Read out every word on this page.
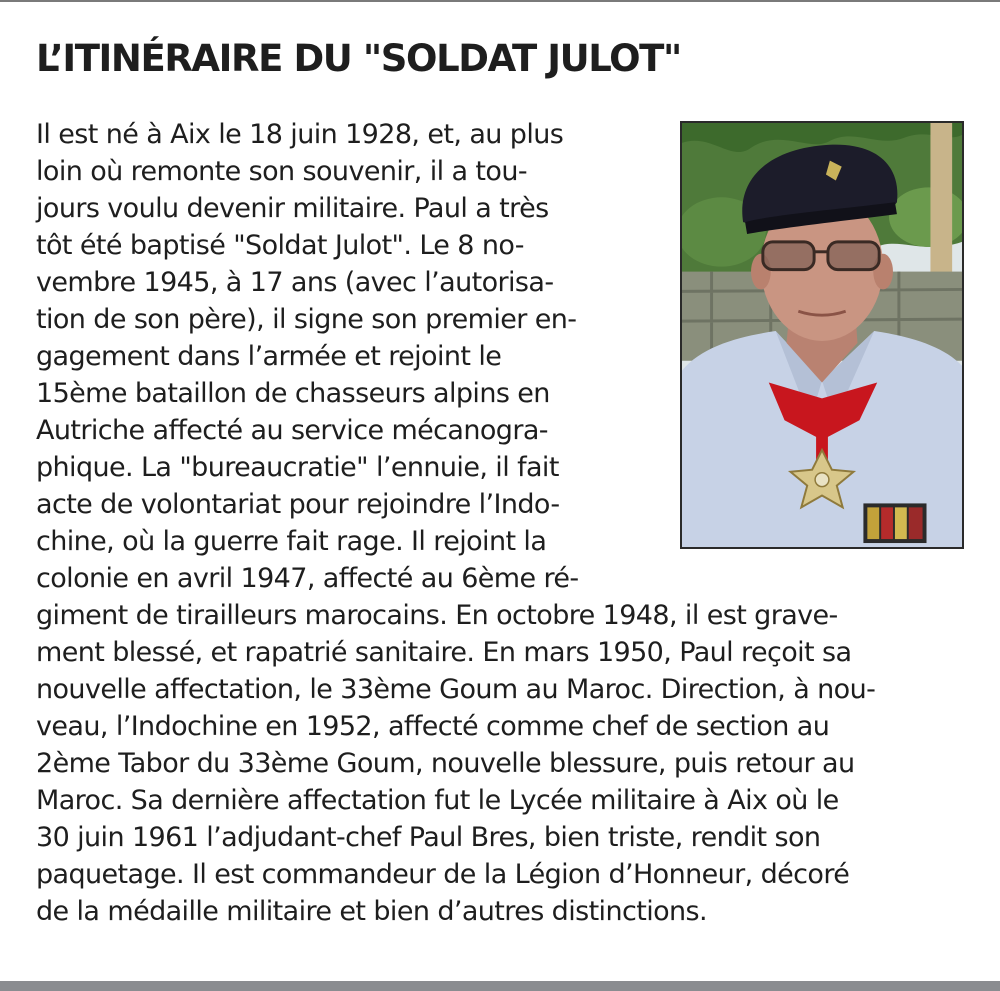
L’ITINÉRAIRE DU "SOLDAT JULOT"
Il est né à Aix le 18 juin 1928, et, au plus
loin où remonte son souvenir, il a tou-
jours voulu devenir militaire. Paul a très
tôt été baptisé "Soldat Julot". Le 8 no-
vembre 1945, à 17 ans (avec l’autorisa-
tion de son père), il signe son premier en-
gagement dans l’armée et rejoint le
15ème bataillon de chasseurs alpins en
Autriche affecté au service mécanogra-
phique. La "bureaucratie" l’ennuie, il fait
acte de volontariat pour rejoindre l’Indo-
chine, où la guerre fait rage. Il rejoint la
colonie en avril 1947, affecté au 6ème ré-
giment de tirailleurs marocains. En octobre 1948, il est grave-
ment blessé, et rapatrié sanitaire. En mars 1950, Paul reçoit sa
nouvelle affectation, le 33ème Goum au Maroc. Direction, à nou-
veau, l’Indochine en 1952, affecté comme chef de section au
2ème Tabor du 33ème Goum, nouvelle blessure, puis retour au
Maroc. Sa dernière affectation fut le Lycée militaire à Aix où le
30 juin 1961 l’adjudant-chef Paul Bres, bien triste, rendit son
paquetage. Il est commandeur de la Légion d’Honneur, décoré
de la médaille militaire et bien d’autres distinctions.
